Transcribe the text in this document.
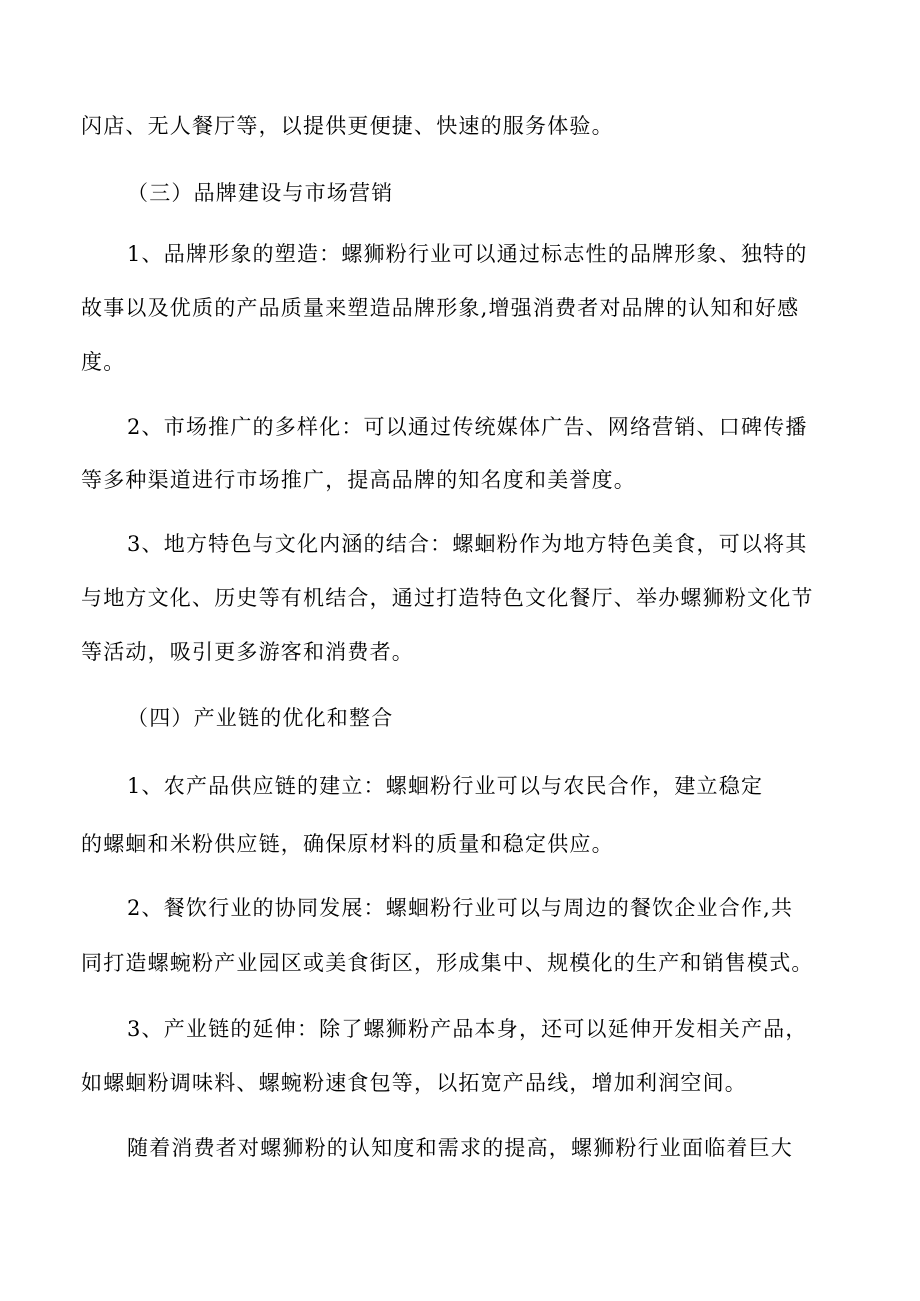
闪店、无人餐厅等，以提供更便捷、快速的服务体验。

（三）品牌建设与市场营销

1、品牌形象的塑造：螺狮粉行业可以通过标志性的品牌形象、独特的

故事以及优质的产品质量来塑造品牌形象,增强消费者对品牌的认知和好感

度。

2、市场推广的多样化：可以通过传统媒体广告、网络营销、口碑传播

等多种渠道进行市场推广，提高品牌的知名度和美誉度。

3、地方特色与文化内涵的结合：螺蛔粉作为地方特色美食，可以将其

与地方文化、历史等有机结合，通过打造特色文化餐厅、举办螺狮粉文化节

等活动，吸引更多游客和消费者。

（四）产业链的优化和整合

1、农产品供应链的建立：螺蛔粉行业可以与农民合作，建立稳定

的螺蛔和米粉供应链，确保原材料的质量和稳定供应。

2、餐饮行业的协同发展：螺蛔粉行业可以与周边的餐饮企业合作,共

同打造螺蜿粉产业园区或美食街区，形成集中、规模化的生产和销售模式。

3、产业链的延伸：除了螺狮粉产品本身，还可以延伸开发相关产品，

如螺蛔粉调味料、螺蜿粉速食包等，以拓宽产品线，增加利润空间。

随着消费者对螺狮粉的认知度和需求的提高，螺狮粉行业面临着巨大
